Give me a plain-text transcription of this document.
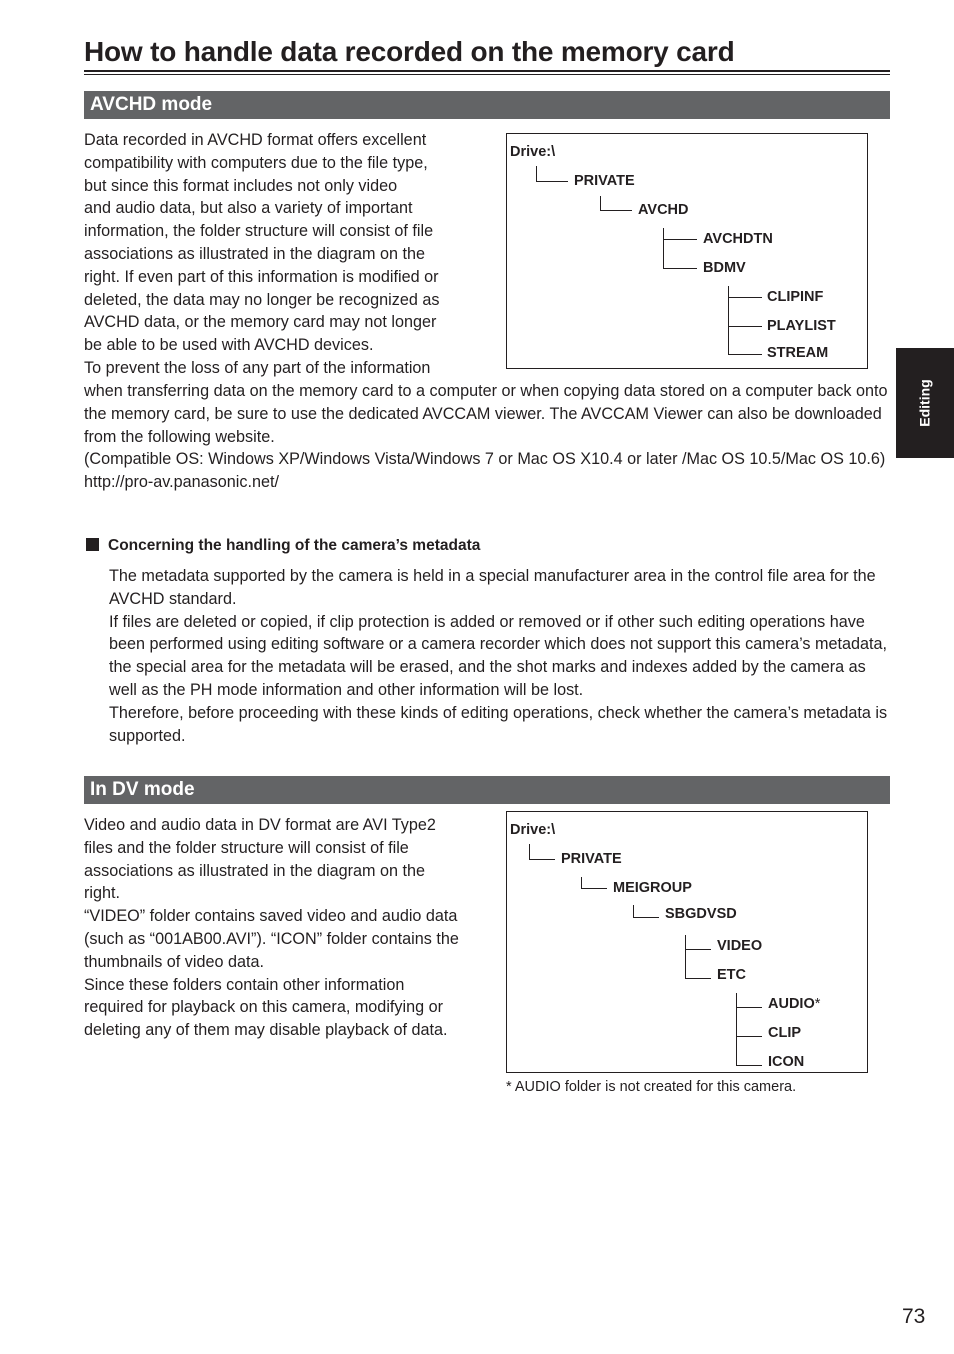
How to handle data recorded on the memory card
AVCHD mode

Data recorded in AVCHD format offers excellent

compatibility with computers due to the file type,

but since this format includes not only video

and audio data, but also a variety of important

information, the folder structure will consist of file

associations as illustrated in the diagram on the

right. If even part of this information is modified or

deleted, the data may no longer be recognized as

AVCHD data, or the memory card may not longer

be able to be used with AVCHD devices.

To prevent the loss of any part of the information

when transferring data on the memory card to a computer or when copying data stored on a computer back onto the memory card, be sure to use the dedicated AVCCAM viewer. The AVCCAM Viewer can also be downloaded from the following website.

(Compatible OS: Windows XP/Windows Vista/Windows 7 or Mac OS X10.4 or later /Mac OS 10.5/Mac OS 10.6)

http://pro-av.panasonic.net/

Drive:\
PRIVATE
AVCHD
AVCHDTN
BDMV
CLIPINF
PLAYLIST
STREAM
Concerning the handling of the camera’s metadata

The metadata supported by the camera is held in a special manufacturer area in the control file area for the AVCHD standard.

If files are deleted or copied, if clip protection is added or removed or if other such editing operations have been performed using editing software or a camera recorder which does not support this camera’s metadata, the special area for the metadata will be erased, and the shot marks and indexes added by the camera as well as the PH mode information and other information will be lost.

Therefore, before proceeding with these kinds of editing operations, check whether the camera’s metadata is supported.

In DV mode

Video and audio data in DV format are AVI Type2

files and the folder structure will consist of file

associations as illustrated in the diagram on the

right.

“VIDEO” folder contains saved video and audio data

(such as “001AB00.AVI”). “ICON” folder contains the

thumbnails of video data.

Since these folders contain other information

required for playback on this camera, modifying or

deleting any of them may disable playback of data.

Drive:\
PRIVATE
MEIGROUP
SBGDVSD
VIDEO
ETC
AUDIO*
CLIP
ICON
* AUDIO folder is not created for this camera.
Editing
73
